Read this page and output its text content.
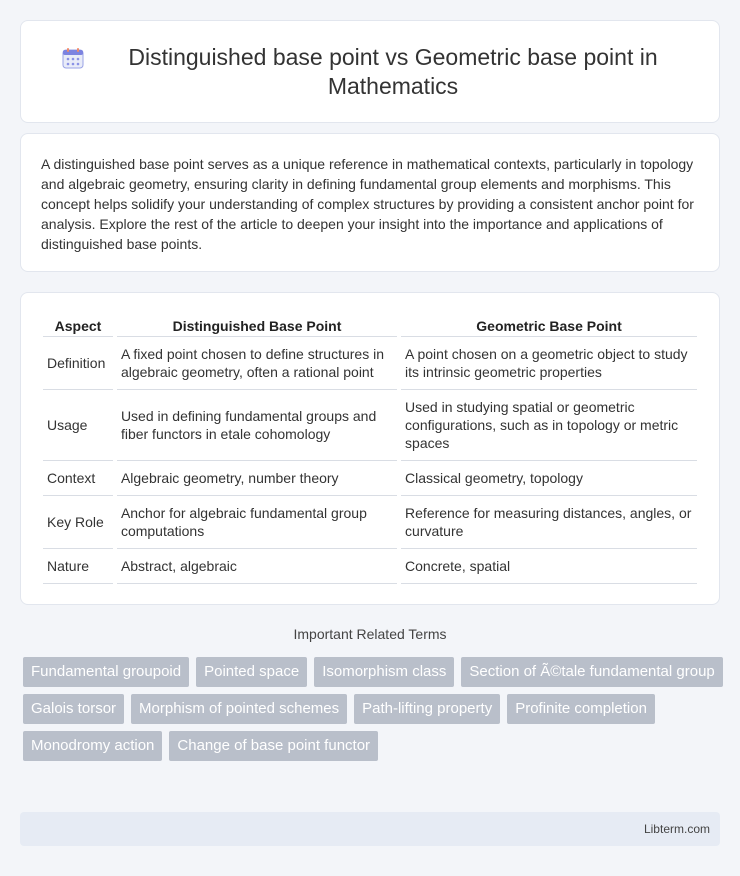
Distinguished base point vs Geometric base point in Mathematics

A distinguished base point serves as a unique reference in mathematical contexts, particularly in topology and algebraic geometry, ensuring clarity in defining fundamental group elements and morphisms. This concept helps solidify your understanding of complex structures by providing a consistent anchor point for analysis. Explore the rest of the article to deepen your insight into the importance and applications of distinguished base points.

Aspect	Distinguished Base Point	Geometric Base Point
Definition	A fixed point chosen to define structures in algebraic geometry, often a rational point	A point chosen on a geometric object to study its intrinsic geometric properties
Usage	Used in defining fundamental groups and fiber functors in etale cohomology	Used in studying spatial or geometric configurations, such as in topology or metric spaces
Context	Algebraic geometry, number theory	Classical geometry, topology
Key Role	Anchor for algebraic fundamental group computations	Reference for measuring distances, angles, or curvature
Nature	Abstract, algebraic	Concrete, spatial
Important Related Terms
Fundamental groupoid	Pointed space	Isomorphism class	Section of Ã©tale fundamental group
Galois torsor	Morphism of pointed schemes	Path-lifting property	Profinite completion
Monodromy action	Change of base point functor
Libterm.com
